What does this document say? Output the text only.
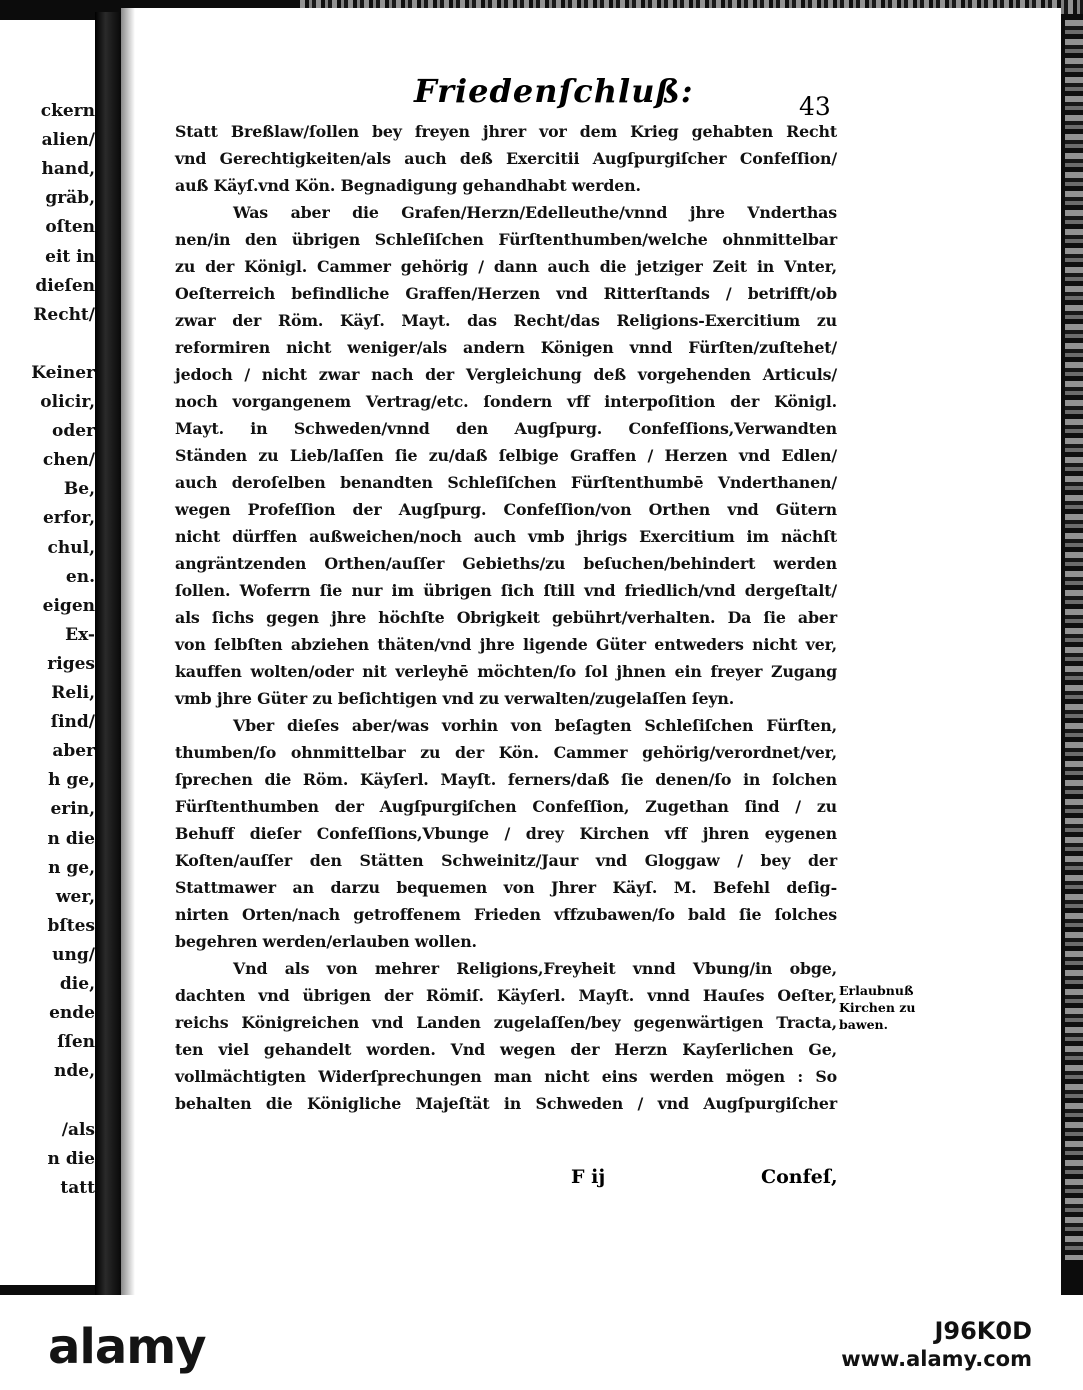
ckern
alien/
hand,
gräb,
oſten
eit in
dieſen
Recht/
Keiner
olicir,
oder
chen/
Be,
erfor,
chul,
en.
eigen
Ex-
riges
Reli,
ſind/
aber
h ge,
erin,
n die
n ge,
wer,
bſtes
ung/
die,
ende
ſſen
nde,
/als
n die
tatt
Friedenſchluß:	43
Statt Breßlaw/ſollen bey freyen jhrer vor dem Krieg gehabten Recht
vnd Gerechtigkeiten/als auch deß Exercitii Augſpurgiſcher Confeſſion/
auß Käyſ.vnd Kön. Begnadigung gehandhabt werden.
Was aber die Grafen/Herzn/Edelleuthe/vnnd jhre Vnderthas
nen/in den übrigen Schleſiſchen Fürſtenthumben/welche ohnmittelbar
zu der Königl. Cammer gehörig / dann auch die jetziger Zeit in Vnter,
Oeſterreich befindliche Graffen/Herzen vnd Ritterſtands / betrifft/ob
zwar der Röm. Käyſ. Mayt. das Recht/das Religions-Exercitium zu
reformiren nicht weniger/als andern Königen vnnd Fürſten/zuſtehet/
jedoch / nicht zwar nach der Vergleichung deß vorgehenden Articuls/
noch vorgangenem Vertrag/etc. ſondern vff interpoſition der Königl.
Mayt. in Schweden/vnnd den Augſpurg. Confeſſions,Verwandten
Ständen zu Lieb/laſſen ſie zu/daß ſelbige Graffen / Herzen vnd Edlen/
auch deroſelben benandten Schleſiſchen Fürſtenthumbē Vnderthanen/
wegen Profeſſion der Augſpurg. Confeſſion/von Orthen vnd Gütern
nicht dürffen außweichen/noch auch vmb jhrigs Exercitium im nächſt
angräntzenden Orthen/auſſer Gebieths/zu beſuchen/behindert werden
ſollen. Woferrn ſie nur im übrigen ſich ſtill vnd friedlich/vnd dergeſtalt/
als ſichs gegen jhre höchſte Obrigkeit gebührt/verhalten. Da ſie aber
von ſelbſten abziehen thäten/vnd jhre ligende Güter entweders nicht ver,
kauffen wolten/oder nit verleyhē möchten/ſo ſol jhnen ein freyer Zugang
vmb jhre Güter zu beſichtigen vnd zu verwalten/zugelaſſen ſeyn.
Vber dieſes aber/was vorhin von beſagten Schleſiſchen Fürſten,
thumben/ſo ohnmittelbar zu der Kön. Cammer gehörig/verordnet/ver,
ſprechen die Röm. Käyſerl. Mayſt. ferners/daß ſie denen/ſo in ſolchen
Fürſtenthumben der Augſpurgiſchen Confeſſion, Zugethan ſind / zu
Behuff dieſer Confeſſions,Vbunge / drey Kirchen vff jhren eygenen
Koſten/auſſer den Stätten Schweinitz/Jaur vnd Gloggaw / bey der
Stattmawer an darzu bequemen von Jhrer Käyſ. M. Befehl deſig-
nirten Orten/nach getroffenem Frieden vffzubawen/ſo bald ſie ſolches
begehren werden/erlauben wollen.
Vnd als von mehrer Religions,Freyheit vnnd Vbung/in obge,
dachten vnd übrigen der Römiſ. Käyſerl. Mayſt. vnnd Hauſes Oeſter,
reichs Königreichen vnd Landen zugelaſſen/bey gegenwärtigen Tracta,
ten viel gehandelt worden. Vnd wegen der Herzn Kayſerlichen Ge,
vollmächtigten Widerſprechungen man nicht eins werden mögen : So
behalten die Königliche Majeſtät in Schweden / vnd Augſpurgiſcher
Erlaubnuß Kirchen zu bawen.
F ij	Confeſ,
alamy	J96K0D
www.alamy.com
